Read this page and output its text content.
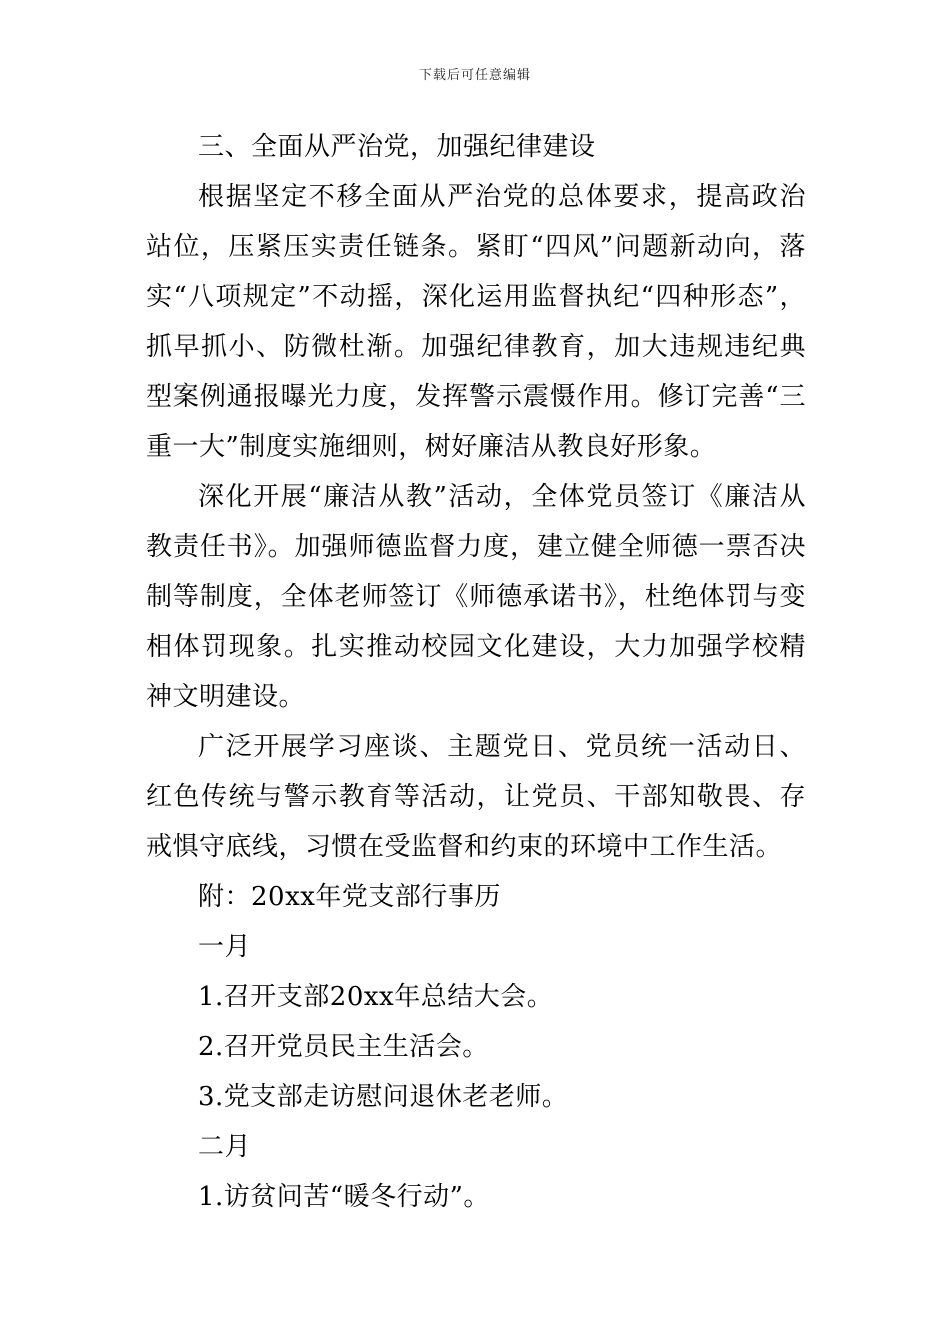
下载后可任意编辑

三、全面从严治党，加强纪律建设

根据坚定不移全面从严治党的总体要求，提高政治站位，压紧压实责任链条。紧盯“四风”问题新动向，落实“八项规定”不动摇，深化运用监督执纪“四种形态”，抓早抓小、防微杜渐。加强纪律教育，加大违规违纪典型案例通报曝光力度，发挥警示震慑作用。修订完善“三重一大”制度实施细则，树好廉洁从教良好形象。

深化开展“廉洁从教”活动，全体党员签订《廉洁从教责任书》。加强师德监督力度，建立健全师德一票否决制等制度，全体老师签订《师德承诺书》，杜绝体罚与变相体罚现象。扎实推动校园文化建设，大力加强学校精神文明建设。

广泛开展学习座谈、主题党日、党员统一活动日、红色传统与警示教育等活动，让党员、干部知敬畏、存戒惧守底线，习惯在受监督和约束的环境中工作生活。

附：20xx年党支部行事历

一月

1.召开支部20xx年总结大会。

2.召开党员民主生活会。

3.党支部走访慰问退休老老师。

二月

1.访贫问苦“暖冬行动”。
